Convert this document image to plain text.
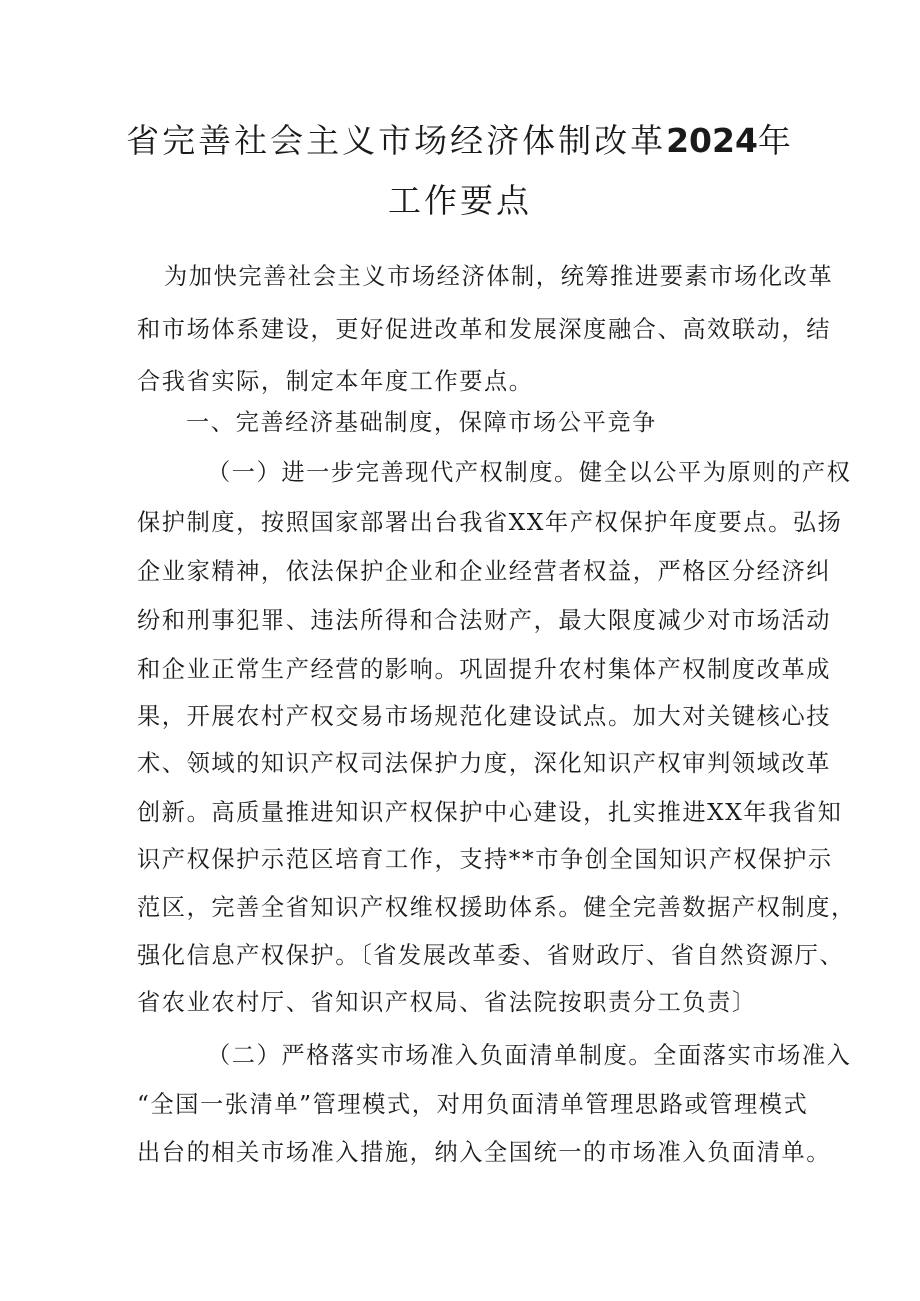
省完善社会主义市场经济体制改革2024年
工作要点

为加快完善社会主义市场经济体制，统筹推进要素市场化改革

和市场体系建设，更好促进改革和发展深度融合、高效联动，结

合我省实际，制定本年度工作要点。

一、完善经济基础制度，保障市场公平竞争

（一）进一步完善现代产权制度。健全以公平为原则的产权

保护制度，按照国家部署出台我省XX年产权保护年度要点。弘扬

企业家精神，依法保护企业和企业经营者权益，严格区分经济纠

纷和刑事犯罪、违法所得和合法财产，最大限度减少对市场活动

和企业正常生产经营的影响。巩固提升农村集体产权制度改革成

果，开展农村产权交易市场规范化建设试点。加大对关键核心技

术、领域的知识产权司法保护力度，深化知识产权审判领域改革

创新。高质量推进知识产权保护中心建设，扎实推进XX年我省知

识产权保护示范区培育工作，支持**市争创全国知识产权保护示

范区，完善全省知识产权维权援助体系。健全完善数据产权制度，

强化信息产权保护。〔省发展改革委、省财政厅、省自然资源厅、

省农业农村厅、省知识产权局、省法院按职责分工负责〕

（二）严格落实市场准入负面清单制度。全面落实市场准入

“全国一张清单”管理模式，对用负面清单管理思路或管理模式

出台的相关市场准入措施，纳入全国统一的市场准入负面清单。
